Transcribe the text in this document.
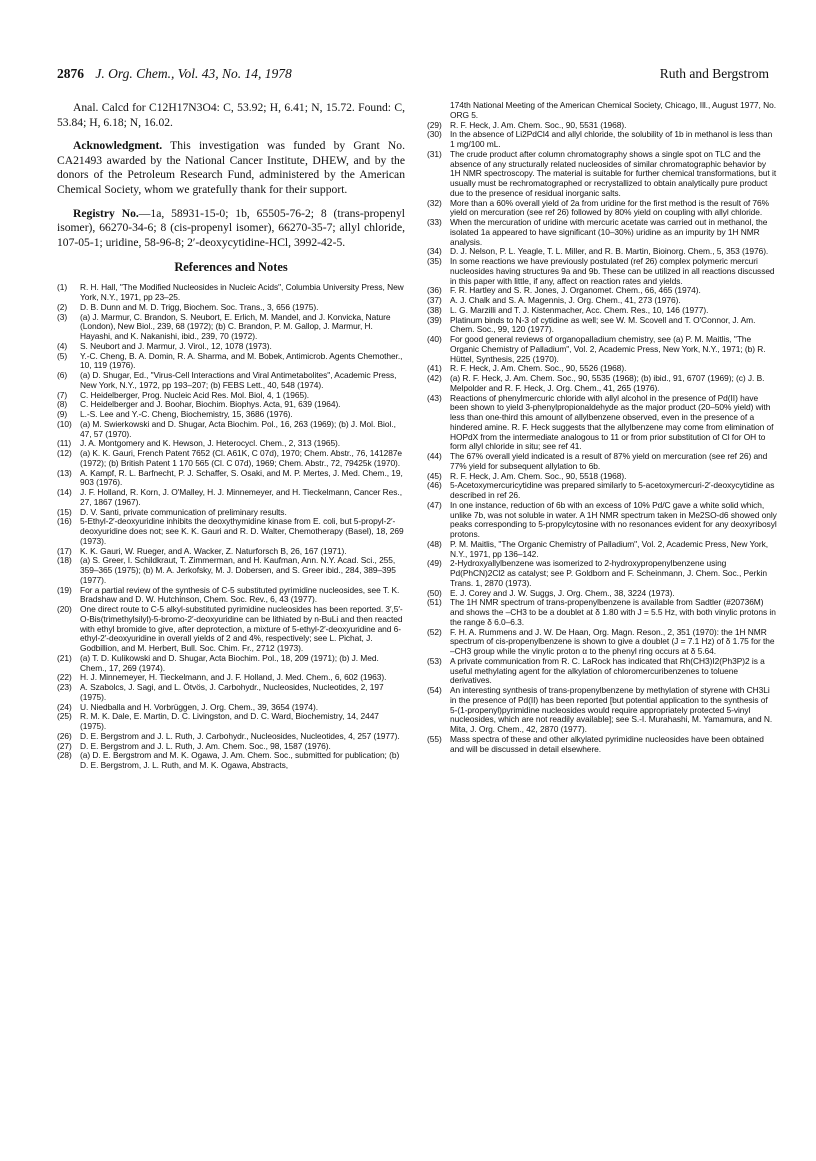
2876 J. Org. Chem., Vol. 43, No. 14, 1978	Ruth and Bergstrom

Anal. Calcd for C12H17N3O4: C, 53.92; H, 6.41; N, 15.72. Found: C, 53.84; H, 6.18; N, 16.02.

Acknowledgment. This investigation was funded by Grant No. CA21493 awarded by the National Cancer Institute, DHEW, and by the donors of the Petroleum Research Fund, administered by the American Chemical Society, whom we gratefully thank for their support.

Registry No.—1a, 58931-15-0; 1b, 65505-76-2; 8 (trans-propenyl isomer), 66270-34-6; 8 (cis-propenyl isomer), 66270-35-7; allyl chloride, 107-05-1; uridine, 58-96-8; 2′-deoxycytidine-HCl, 3992-42-5.

References and Notes
(1)	R. H. Hall, "The Modified Nucleosides in Nucleic Acids", Columbia University Press, New York, N.Y., 1971, pp 23–25.
(2)	D. B. Dunn and M. D. Trigg, Biochem. Soc. Trans., 3, 656 (1975).
(3)	(a) J. Marmur, C. Brandon, S. Neubort, E. Erlich, M. Mandel, and J. Konvicka, Nature (London), New Biol., 239, 68 (1972); (b) C. Brandon, P. M. Gallop, J. Marmur, H. Hayashi, and K. Nakanishi, ibid., 239, 70 (1972).
(4)	S. Neubort and J. Marmur, J. Virol., 12, 1078 (1973).
(5)	Y.-C. Cheng, B. A. Domin, R. A. Sharma, and M. Bobek, Antimicrob. Agents Chemother., 10, 119 (1976).
(6)	(a) D. Shugar, Ed., "Virus-Cell Interactions and Viral Antimetabolites", Academic Press, New York, N.Y., 1972, pp 193–207; (b) FEBS Lett., 40, 548 (1974).
(7)	C. Heidelberger, Prog. Nucleic Acid Res. Mol. Biol, 4, 1 (1965).
(8)	C. Heidelberger and J. Boohar, Biochim. Biophys. Acta, 91, 639 (1964).
(9)	L.-S. Lee and Y.-C. Cheng, Biochemistry, 15, 3686 (1976).
(10) (a) M. Swierkowski and D. Shugar, Acta Biochim. Pol., 16, 263 (1969); (b) J. Mol. Biol., 47, 57 (1970).
(11)	J. A. Montgomery and K. Hewson, J. Heterocycl. Chem., 2, 313 (1965).
(12) (a) K. K. Gauri, French Patent 7652 (Cl. A61K, C 07d), 1970; Chem. Abstr., 76, 141287e (1972); (b) British Patent 1 170 565 (Cl. C 07d), 1969; Chem. Abstr., 72, 79425k (1970).
(13) A. Kampf, R. L. Barfnecht, P. J. Schaffer, S. Osaki, and M. P. Mertes, J. Med. Chem., 19, 903 (1976).
(14) J. F. Holland, R. Korn, J. O'Malley, H. J. Minnemeyer, and H. Tieckelmann, Cancer Res., 27, 1867 (1967).
(15) D. V. Santi, private communication of preliminary results.
(16) 5-Ethyl-2′-deoxyuridine inhibits the deoxythymidine kinase from E. coli, but 5-propyl-2′-deoxyuridine does not; see K. K. Gauri and R. D. Walter, Chemotherapy (Basel), 18, 269 (1973).
(17) K. K. Gauri, W. Rueger, and A. Wacker, Z. Naturforsch B, 26, 167 (1971).
(18) (a) S. Greer, I. Schildkraut, T. Zimmerman, and H. Kaufman, Ann. N.Y. Acad. Sci., 255, 359–365 (1975); (b) M. A. Jerkofsky, M. J. Dobersen, and S. Greer ibid., 284, 389–395 (1977).
(19) For a partial review of the synthesis of C-5 substituted pyrimidine nucleosides, see T. K. Bradshaw and D. W. Hutchinson, Chem. Soc. Rev., 6, 43 (1977).
(20) One direct route to C-5 alkyl-substituted pyrimidine nucleosides has been reported. 3′,5′-O-Bis(trimethylsilyl)-5-bromo-2′-deoxyuridine can be lithiated by n-BuLi and then reacted with ethyl bromide to give, after deprotection, a mixture of 5-ethyl-2′-deoxyuridine and 6-ethyl-2′-deoxyuridine in overall yields of 2 and 4%, respectively; see L. Pichat, J. Godbillion, and M. Herbert, Bull. Soc. Chim. Fr., 2712 (1973).
(21) (a) T. D. Kulikowski and D. Shugar, Acta Biochim. Pol., 18, 209 (1971); (b) J. Med. Chem., 17, 269 (1974).
(22) H. J. Minnemeyer, H. Tieckelmann, and J. F. Holland, J. Med. Chem., 6, 602 (1963).
(23) A. Szabolcs, J. Sagi, and L. Ötvös, J. Carbohydr., Nucleosides, Nucleotides, 2, 197 (1975).
(24) U. Niedballa and H. Vorbrüggen, J. Org. Chem., 39, 3654 (1974).
(25) R. M. K. Dale, E. Martin, D. C. Livingston, and D. C. Ward, Biochemistry, 14, 2447 (1975).
(26) D. E. Bergstrom and J. L. Ruth, J. Carbohydr., Nucleosides, Nucleotides, 4, 257 (1977).
(27) D. E. Bergstrom and J. L. Ruth, J. Am. Chem. Soc., 98, 1587 (1976).
(28) (a) D. E. Bergstrom and M. K. Ogawa, J. Am. Chem. Soc., submitted for publication; (b) D. E. Bergstrom, J. L. Ruth, and M. K. Ogawa, Abstracts,
174th National Meeting of the American Chemical Society, Chicago, Ill., August 1977, No. ORG 5.
(29) R. F. Heck, J. Am. Chem. Soc., 90, 5531 (1968).
(30) In the absence of Li2PdCl4 and allyl chloride, the solubility of 1b in methanol is less than 1 mg/100 mL.
(31) The crude product after column chromatography shows a single spot on TLC and the absence of any structurally related nucleosides of similar chromatographic behavior by 1H NMR spectroscopy. The material is suitable for further chemical transformations, but it usually must be rechromatographed or recrystallized to obtain analytically pure product due to the presence of residual inorganic salts.
(32) More than a 60% overall yield of 2a from uridine for the first method is the result of 76% yield on mercuration (see ref 26) followed by 80% yield on coupling with allyl chloride.
(33) When the mercuration of uridine with mercuric acetate was carried out in methanol, the isolated 1a appeared to have significant (10–30%) uridine as an impurity by 1H NMR analysis.
(34) D. J. Nelson, P. L. Yeagle, T. L. Miller, and R. B. Martin, Bioinorg. Chem., 5, 353 (1976).
(35) In some reactions we have previously postulated (ref 26) complex polymeric mercuri nucleosides having structures 9a and 9b. These can be utilized in all reactions discussed in this paper with little, if any, affect on reaction rates and yields.
(36) F. R. Hartley and S. R. Jones, J. Organomet. Chem., 66, 465 (1974).
(37) A. J. Chalk and S. A. Magennis, J. Org. Chem., 41, 273 (1976).
(38) L. G. Marzilli and T. J. Kistenmacher, Acc. Chem. Res., 10, 146 (1977).
(39) Platinum binds to N-3 of cytidine as well; see W. M. Scovell and T. O'Connor, J. Am. Chem. Soc., 99, 120 (1977).
(40) For good general reviews of organopalladium chemistry, see (a) P. M. Maitlis, "The Organic Chemistry of Palladium", Vol. 2, Academic Press, New York, N.Y., 1971; (b) R. Hüttel, Synthesis, 225 (1970).
(41) R. F. Heck, J. Am. Chem. Soc., 90, 5526 (1968).
(42) (a) R. F. Heck, J. Am. Chem. Soc., 90, 5535 (1968); (b) ibid., 91, 6707 (1969); (c) J. B. Melpolder and R. F. Heck, J. Org. Chem., 41, 265 (1976).
(43) Reactions of phenylmercuric chloride with allyl alcohol in the presence of Pd(II) have been shown to yield 3-phenylpropionaldehyde as the major product (20–50% yield) with less than one-third this amount of allylbenzene observed, even in the presence of a hindered amine. R. F. Heck suggests that the allylbenzene may come from elimination of HOPdX from the intermediate analogous to 11 or from prior substitution of Cl for OH to form allyl chloride in situ; see ref 41.
(44) The 67% overall yield indicated is a result of 87% yield on mercuration (see ref 26) and 77% yield for subsequent allylation to 6b.
(45) R. F. Heck, J. Am. Chem. Soc., 90, 5518 (1968).
(46) 5-Acetoxymercuricytidine was prepared similarly to 5-acetoxymercuri-2′-deoxycytidine as described in ref 26.
(47) In one instance, reduction of 6b with an excess of 10% Pd/C gave a white solid which, unlike 7b, was not soluble in water. A 1H NMR spectrum taken in Me2SO-d6 showed only peaks corresponding to 5-propylcytosine with no resonances evident for any deoxyribosyl protons.
(48) P. M. Maitlis, "The Organic Chemistry of Palladium", Vol. 2, Academic Press, New York, N.Y., 1971, pp 136–142.
(49) 2-Hydroxyallylbenzene was isomerized to 2-hydroxypropenylbenzene using Pd(PhCN)2Cl2 as catalyst; see P. Goldborn and F. Scheinmann, J. Chem. Soc., Perkin Trans. 1, 2870 (1973).
(50) E. J. Corey and J. W. Suggs, J. Org. Chem., 38, 3224 (1973).
(51) The 1H NMR spectrum of trans-propenylbenzene is available from Sadtler (#20736M) and shows the –CH3 to be a doublet at δ 1.80 with J = 5.5 Hz, with both vinylic protons in the range δ 6.0–6.3.
(52) F. H. A. Rummens and J. W. De Haan, Org. Magn. Reson., 2, 351 (1970): the 1H NMR spectrum of cis-propenylbenzene is shown to give a doublet (J = 7.1 Hz) of δ 1.75 for the –CH3 group while the vinylic proton α to the phenyl ring occurs at δ 5.64.
(53) A private communication from R. C. LaRock has indicated that Rh(CH3)I2(Ph3P)2 is a useful methylating agent for the alkylation of chloromercuribenzenes to toluene derivatives.
(54) An interesting synthesis of trans-propenylbenzene by methylation of styrene with CH3Li in the presence of Pd(II) has been reported [but potential application to the synthesis of 5-(1-propenyl)pyrimidine nucleosides would require appropriately protected 5-vinyl nucleosides, which are not readily available]; see S.-I. Murahashi, M. Yamamura, and N. Mita, J. Org. Chem., 42, 2870 (1977).
(55) Mass spectra of these and other alkylated pyrimidine nucleosides have been obtained and will be discussed in detail elsewhere.
